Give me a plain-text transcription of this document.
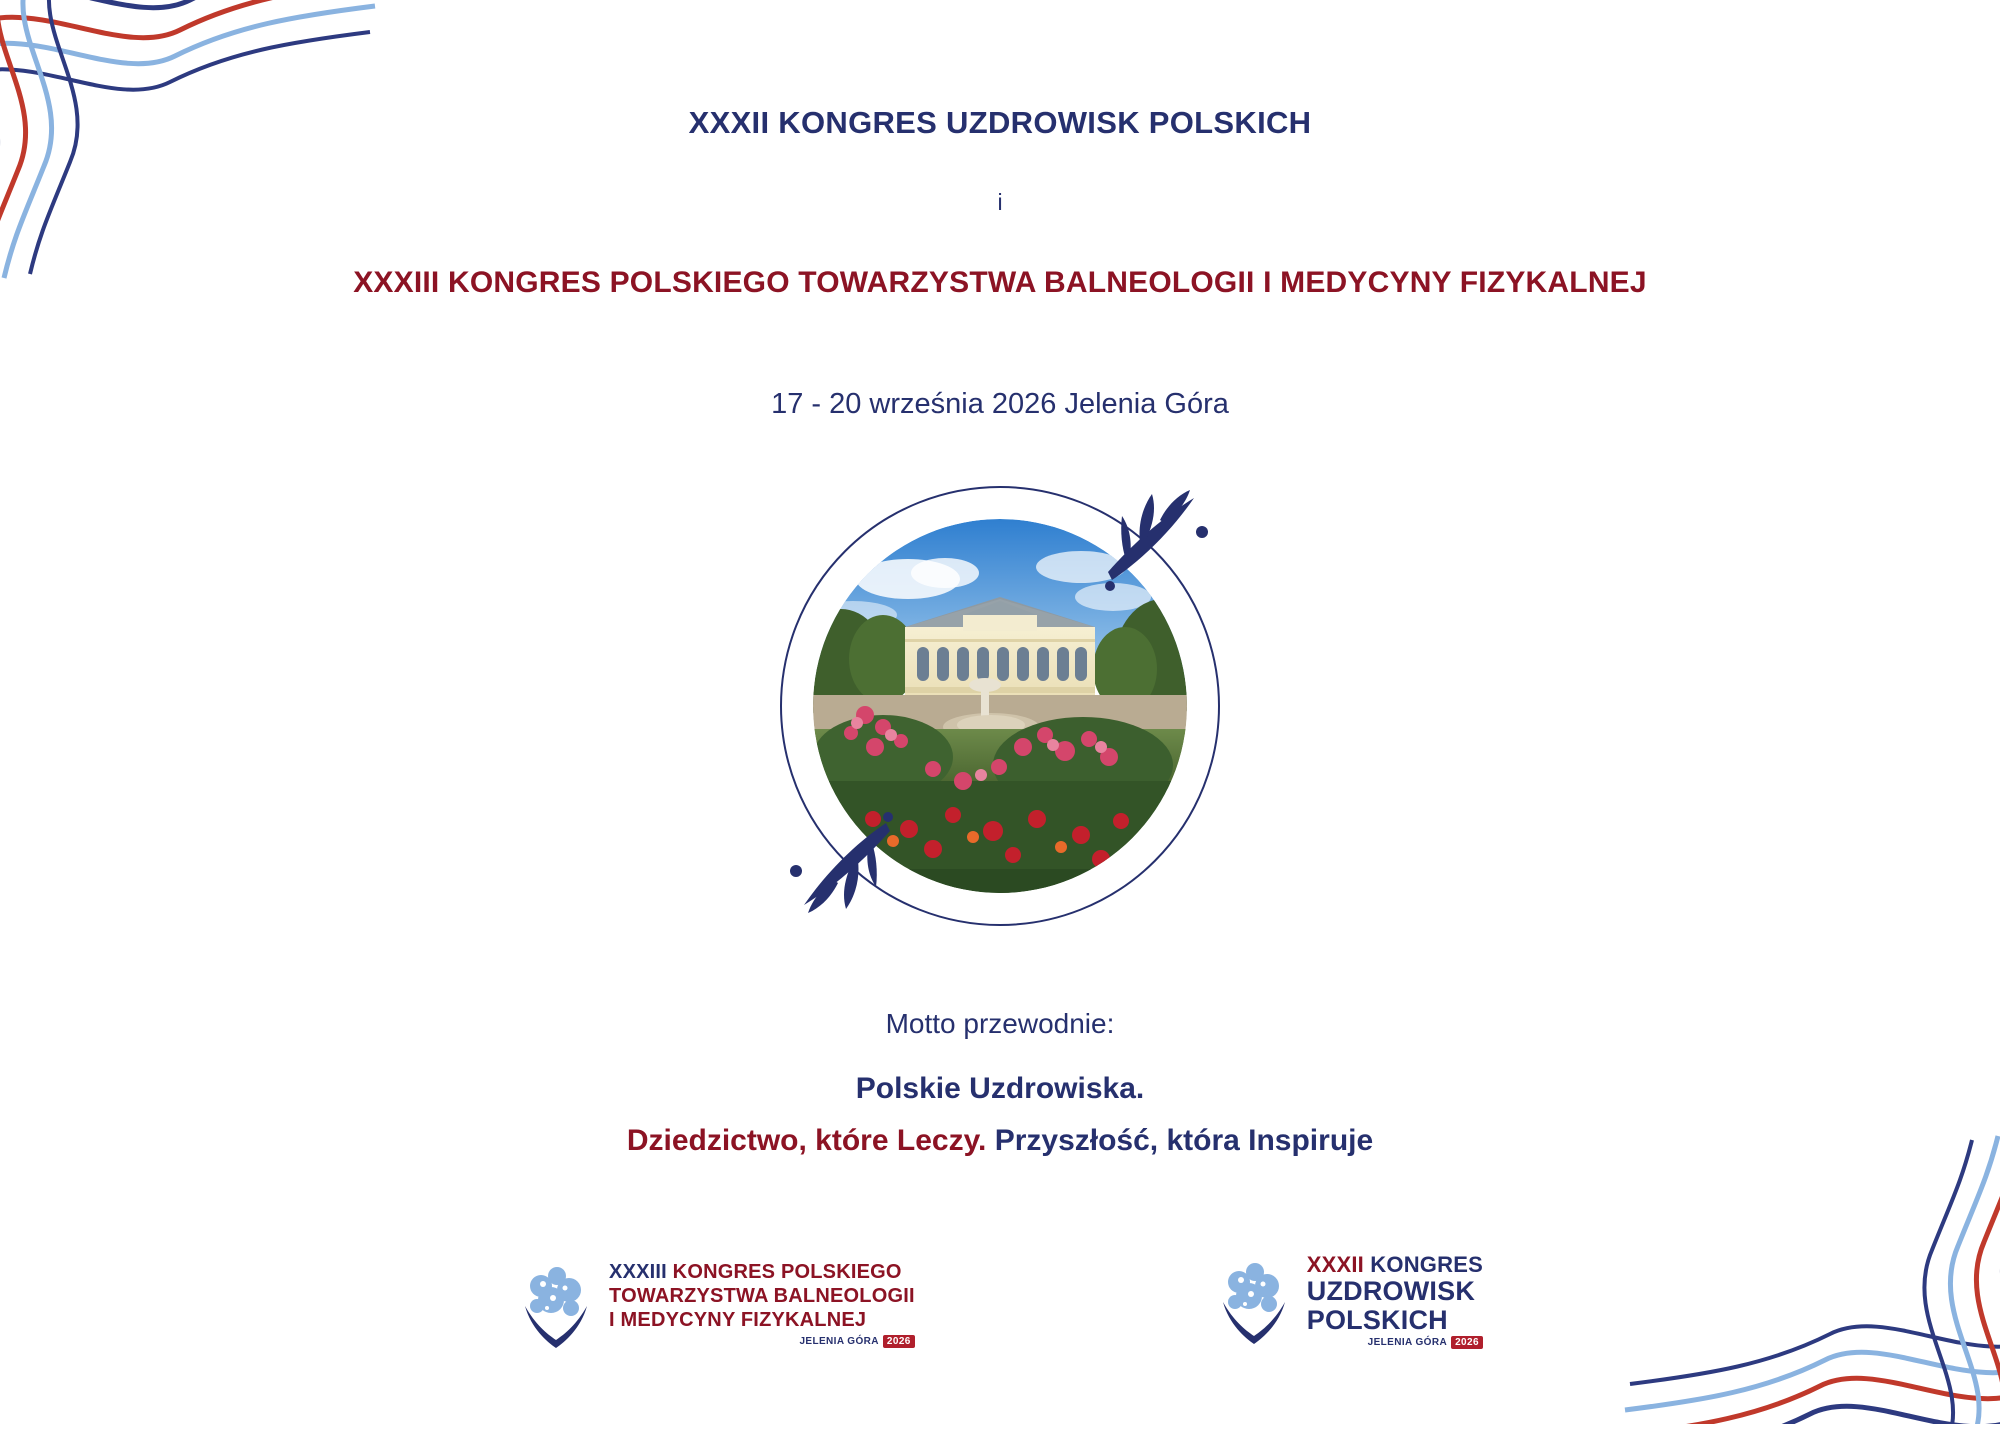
XXXII KONGRES UZDROWISK POLSKICH

i

XXXIII KONGRES POLSKIEGO TOWARZYSTWA BALNEOLOGII I MEDYCYNY FIZYKALNEJ

17 - 20 września 2026 Jelenia Góra

Motto przewodnie:

Polskie Uzdrowiska.

Dziedzictwo, które Leczy. Przyszłość, która Inspiruje

XXXIII KONGRES POLSKIEGO
TOWARZYSTWA BALNEOLOGII
I MEDYCYNY FIZYKALNEJ
JELENIA GÓRA 2026
XXXII KONGRES
UZDROWISK
POLSKICH
JELENIA GÓRA 2026
